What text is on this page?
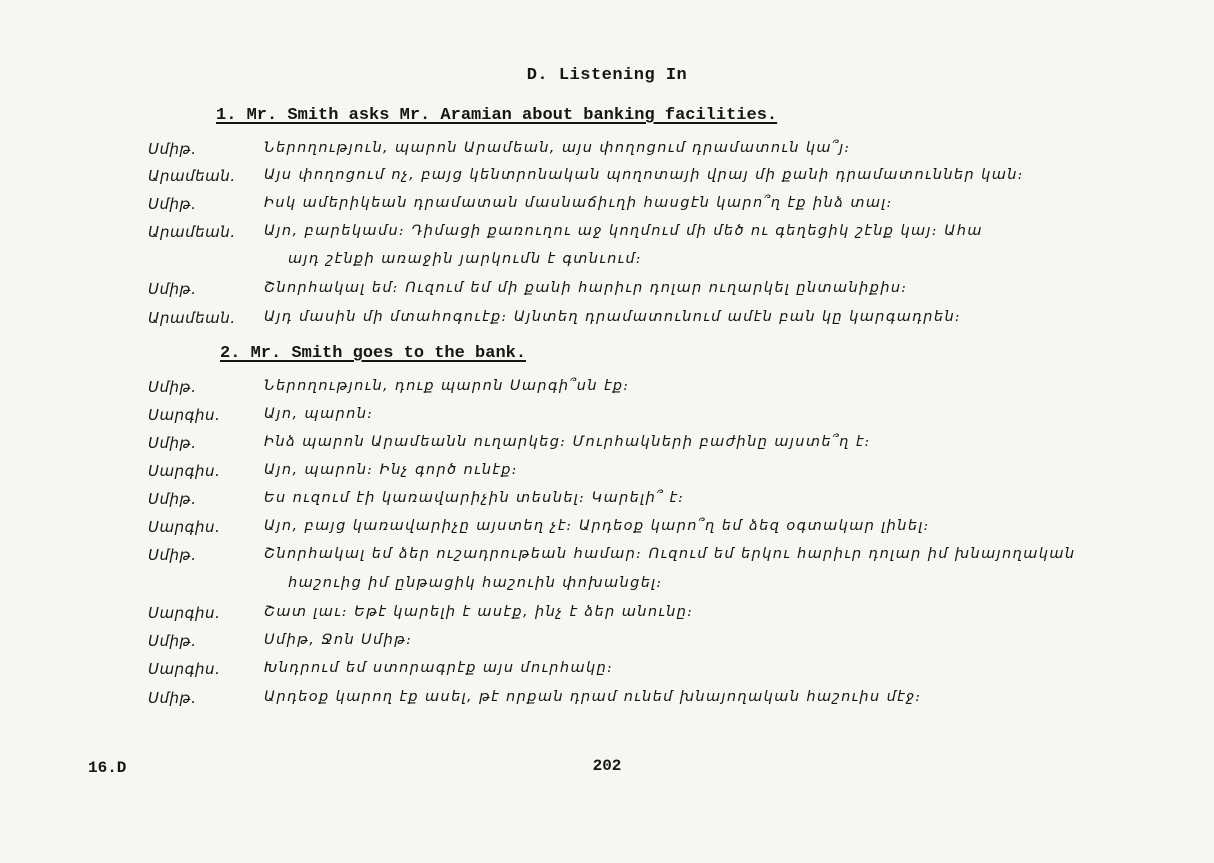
D. Listening In
1. Mr. Smith asks Mr. Aramian about banking facilities.
Սմիթ․	Ներողություն, պարոն Արամեան, այս փողոցում դրամատուն կա՞յ։
Արամեան․ Այս փողոցում ոչ, բայց կենտրոնական պողոտայի վրայ մի քանի դրամատուններ կան։
Սմիթ․	Իսկ ամերիկեան դրամատան մասնաճիւղի հասցէն կարո՞ղ էք ինձ տալ։
Արամեան․ Այո, բարեկամս։ Դիմացի քառուղու աջ կողմում մի մեծ ու գեղեցիկ շէնք կայ։ Ահա
այդ շէնքի առաջին յարկումն է գտնւում։
Սմիթ․	Շնորհակալ եմ։ Ուզում եմ մի քանի հարիւր դոլար ուղարկել ընտանիքիս։
Արամեան․ Այդ մասին մի մտահոգուէք։ Այնտեղ դրամատունում ամէն բան կը կարգադրեն։
2. Mr. Smith goes to the bank.
Սմիթ․	Ներողություն, դուք պարոն Սարգի՞սն էք։
Սարգիս․	Այո, պարոն։
Սմիթ․	Ինձ պարոն Արամեանն ուղարկեց։ Մուրհակների բաժինը այստե՞ղ է։
Սարգիս․	Այո, պարոն։ Ինչ գործ ունէք։
Սմիթ․	Ես ուզում էի կառավարիչին տեսնել։ Կարելի՞ է։
Սարգիս․	Այո, բայց կառավարիչը այստեղ չէ։ Արդեօք կարո՞ղ եմ ձեզ օգտակար լինել։
Սմիթ․	Շնորհակալ եմ ձեր ուշադրութեան համար։ Ուզում եմ երկու հարիւր դոլար իմ խնայողական
հաշուից իմ ընթացիկ հաշուին փոխանցել։
Սարգիս․	Շատ լաւ։ Եթէ կարելի է ասէք, ինչ է ձեր անունը։
Սմիթ․	Սմիթ, Ջոն Սմիթ։
Սարգիս․	Խնդրում եմ ստորագրէք այս մուրհակը։
Սմիթ․	Արդեօք կարող էք ասել, թէ որքան դրամ ունեմ խնայողական հաշուիս մէջ։
16.D	202
